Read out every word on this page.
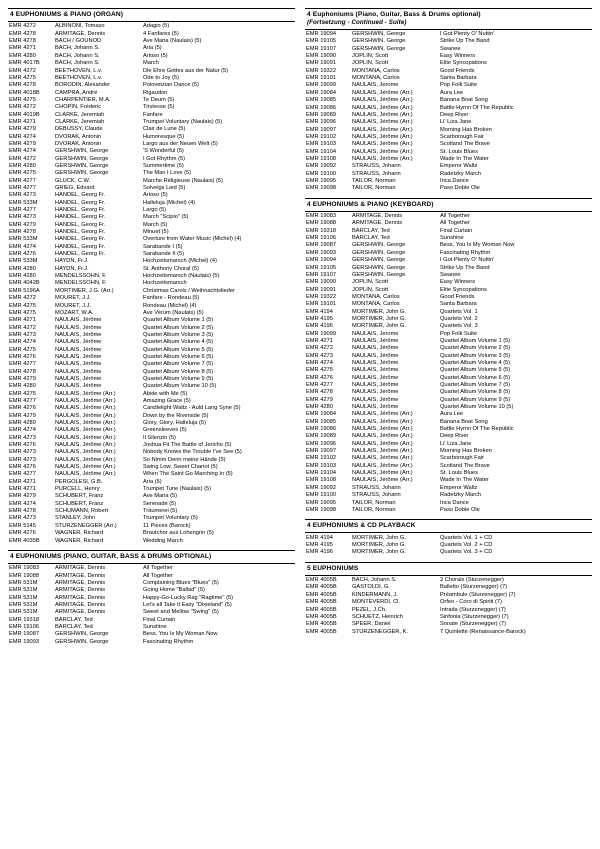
4 EUPHONIUMS & PIANO (ORGAN)
EMR 4272	ALBINONI, Tomaso	Adagio (5)
EMR 4278	ARMITAGE, Dennis	4 Fanfares (5)
EMR 4278	BACH / GOUNOD	Ave Maria (Naulais) (5)
EMR 4271	BACH, Johann S.	Aria (5)
EMR 4280	BACH, Johann S.	Arioso (5)
EMR 4017B	BACH, Johann S.	March
EMR 4272	BEETHOVEN, L.v.	Die Ehre Gottes aus der Natur (5)
EMR 4275	BEETHOVEN, L.v.	Ode to Joy (5)
EMR 4278	BORODIN, Alexander	Polovetzian Dance (5)
EMR 4018B	CAMPRA, André	Rigaudon
EMR 4275	CHARPENTIER, M.A.	Te Deum (5)
EMR 4272	CHOPIN, Fréderic	Tristesse (5)
EMR 4019B	CLARKE, Jeremiah	Fanfare
EMR 4271	CLARKE, Jeremiah	Trumpet Voluntary (Naulais) (5)
EMR 4279	DEBUSSY, Claude	Clair de Lune (5)
EMR 4274	DVORAK, Antonin	Humoresque (5)
EMR 4279	DVORAK, Antonin	Largo aus der Neuen Welt (5)
EMR 4274	GERSHWIN, George	'S Wonderful (5)
EMR 4272	GERSHWIN, George	I Got Rhythm (5)
EMR 4280	GERSHWIN, George	Summertime (5)
EMR 4275	GERSHWIN, George	The Man I Love (5)
EMR 4277	GLUCK, C.W.	Marche Réligieuse (Naulais) (5)
EMR 4277	GRIEG, Edvard	Solveigs Lied (5)
EMR 4273	HÄNDEL, Georg Fr.	Arioso (5)
EMR 533M	HÄNDEL, Georg Fr.	Halleluja (Michel) (4)
EMR 4277	HÄNDEL, Georg Fr.	Largo (5)
EMR 4273	HÄNDEL, Georg Fr.	March "Scipio" (5)
EMR 4279	HÄNDEL, Georg Fr.	March (5)
EMR 4278	HÄNDEL, Georg Fr.	Minuet (5)
EMR 533M	HÄNDEL, Georg Fr.	Overture from Water Music (Michel) (4)
EMR 4274	HÄNDEL, Georg Fr.	Sarabande I (5)
EMR 4276	HÄNDEL, Georg Fr.	Sarabande II (5)
EMR 533M	HAYDN, Fr.J.	Hochzeitsmarsch (Michel) (4)
EMR 4280	HAYDN, Fr.J.	St. Anthony Choral (5)
EMR 4280	MENDELSSOHN, F.	Hochzeitsmarsch (Naulais) (5)
EMR 4042B	MENDELSSOHN, F.	Hochzeitsmarsch
EMR 5196A	MORTIMER, J.G. (Arr.)	Christmas Carols / Weihnachtslieder
EMR 4272	MOURET, J.J.	Fanfare - Rondeau (5)
EMR 4275	MOURET, J.J.	Rondeau (Michel) (4)
EMR 4275	MOZART, W.A.	Ave Verum (Naulais) (5)
EMR 4271	NAULAIS, Jérôme	Quartet Album Volume 1 (5)
EMR 4272	NAULAIS, Jérôme	Quartet Album Volume 2 (5)
EMR 4273	NAULAIS, Jérôme	Quartet Album Volume 3 (5)
EMR 4274	NAULAIS, Jérôme	Quartet Album Volume 4 (5)
EMR 4275	NAULAIS, Jérôme	Quartet Album Volume 5 (5)
EMR 4276	NAULAIS, Jérôme	Quartet Album Volume 6 (5)
EMR 4277	NAULAIS, Jérôme	Quartet Album Volume 7 (5)
EMR 4278	NAULAIS, Jérôme	Quartet Album Volume 8 (5)
EMR 4279	NAULAIS, Jérôme	Quartet Album Volume 9 (5)
EMR 4280	NAULAIS, Jérôme	Quartet Album Volume 10 (5)
EMR 4275	NAULAIS, Jérôme (Arr.)	Abide with Me (5)
EMR 4277	NAULAIS, Jérôme (Arr.)	Amazing Grace (5)
EMR 4276	NAULAIS, Jérôme (Arr.)	Candlelight Waltz - Auld Lang Syne (5)
EMR 4279	NAULAIS, Jérôme (Arr.)	Down by the Riverside (5)
EMR 4280	NAULAIS, Jérôme (Arr.)	Glory, Glory, Halleluja (5)
EMR 4274	NAULAIS, Jérôme (Arr.)	Greensleeves (5)
EMR 4273	NAULAIS, Jérôme (Arr.)	Il Silenzio (5)
EMR 4276	NAULAIS, Jérôme (Arr.)	Joshua Fit The Battle of Jericho (5)
EMR 4273	NAULAIS, Jérôme (Arr.)	Nobody Knows the Trouble I've See (5)
EMR 4273	NAULAIS, Jérôme (Arr.)	So Nimm Denn meine Hände (5)
EMR 4276	NAULAIS, Jérôme (Arr.)	Swing Low, Sweet Chariot (5)
EMR 4277	NAULAIS, Jérôme (Arr.)	When The Saint Go Marching In (5)
EMR 4271	PERGOLESI, G.B.	Aria (5)
EMR 4271	PURCELL, Henry	Trumpet Tune (Naulais) (5)
EMR 4279	SCHUBERT, Franz	Ave Maria (5)
EMR 4274	SCHUBERT, Franz	Serenade (5)
EMR 4278	SCHUMANN, Robert	Träumerei (5)
EMR 4273	STANLEY, John	Trumpet Voluntary (5)
EMR 5145	STURZENEGGER (Arr.)	11 Pieces (Barock)
EMR 4276	WAGNER, Richard	Brautchor aus Lohengrin (5)
EMR 4035B	WAGNER, Richard	Wedding March
4 EUPHONIUMS (PIANO, GUITAR, BASS & DRUMS OPTIONAL)
EMR 19083	ARMITAGE, Dennis	All Together
EMR 19088	ARMITAGE, Dennis	All Together
EMR 531M	ARMITAGE, Dennis	Complaining Blues "Blues" (5)
EMR 531M	ARMITAGE, Dennis	Going Home "Ballad" (5)
EMR 531M	ARMITAGE, Dennis	Happy-Go-Lucky Rag "Ragtime" (5)
EMR 531M	ARMITAGE, Dennis	Let's all Take it Easy "Dixieland" (5)
EMR 531M	ARMITAGE, Dennis	Sweet and Mellow "Swing" (5)
EMR 19318	BARCLAY, Ted	Final Curtain
EMR 19106	BARCLAY, Ted	Sunshine
EMR 19087	GERSHWIN, George	Bess, You Is My Woman Now
EMR 19093	GERSHWIN, George	Fascinating Rhythm
4 Euphoniums (Piano, Guitar, Bass & Drums optional)
(Fortsetzung - Continued - Suite)
EMR 19094	GERSHWIN, George	I Got Plenty O' Nuttin'
EMR 19105	GERSHWIN, George	Strike Up The Band
EMR 19107	GERSHWIN, George	Swanee
EMR 19090	JOPLIN, Scott	Easy Winners
EMR 19091	JOPLIN, Scott	Elite Syncopations
EMR 19322	MONTANA, Carlos	Good Friends
EMR 19101	MONTANA, Carlos	Santa Barbara
EMR 19099	NAULAIS, Jerome	Pop Folk Suite
EMR 19084	NAULAIS, Jérôme (Arr.)	Aura Lee
EMR 19085	NAULAIS, Jérôme (Arr.)	Banana Boat Song
EMR 19086	NAULAIS, Jérôme (Arr.)	Battle Hymn Of The Republic
EMR 19089	NAULAIS, Jérôme (Arr.)	Deep River
EMR 19096	NAULAIS, Jérôme (Arr.)	Li' Liza Jane
EMR 19097	NAULAIS, Jérôme (Arr.)	Morning Has Broken
EMR 19102	NAULAIS, Jérôme (Arr.)	Scarborough Fair
EMR 19103	NAULAIS, Jérôme (Arr.)	Scotland The Brave
EMR 19104	NAULAIS, Jérôme (Arr.)	St. Louis Blues
EMR 19108	NAULAIS, Jérôme (Arr.)	Wade In The Water
EMR 19092	STRAUSS, Johann	Emperor Waltz
EMR 19100	STRAUSS, Johann	Radetzky March
EMR 19095	TAILOR, Norman	Inca Dance
EMR 19098	TAILOR, Norman	Paso Doble Ole
4 EUPHONIUMS & PIANO (KEYBOARD)
EMR 19083	ARMITAGE, Dennis	All Together
EMR 19088	ARMITAGE, Dennis	All Together
EMR 19318	BARCLAY, Ted	Final Curtain
EMR 19106	BARCLAY, Ted	Sunshine
EMR 19087	GERSHWIN, George	Bess, You Is My Woman Now
EMR 19093	GERSHWIN, George	Fascinating Rhythm
EMR 19094	GERSHWIN, George	I Got Plenty O' Nuttin'
EMR 19105	GERSHWIN, George	Strike Up The Band
EMR 19107	GERSHWIN, George	Swanee
EMR 19090	JOPLIN, Scott	Easy Winners
EMR 19091	JOPLIN, Scott	Elite Syncopations
EMR 19322	MONTANA, Carlos	Good Friends
EMR 19101	MONTANA, Carlos	Santa Barbara
EMR 4194	MORTIMER, John G.	Quartets Vol. 1
EMR 4195	MORTIMER, John G.	Quartets Vol. 2
EMR 4196	MORTIMER, John G.	Quartets Vol. 3
EMR 19099	NAULAIS, Jerome	Pop Folk Suite
EMR 4271	NAULAIS, Jérôme	Quartet Album Volume 1 (5)
EMR 4272	NAULAIS, Jérôme	Quartet Album Volume 2 (5)
EMR 4273	NAULAIS, Jérôme	Quartet Album Volume 3 (5)
EMR 4274	NAULAIS, Jérôme	Quartet Album Volume 4 (5)
EMR 4275	NAULAIS, Jérôme	Quartet Album Volume 5 (5)
EMR 4276	NAULAIS, Jérôme	Quartet Album Volume 6 (5)
EMR 4277	NAULAIS, Jérôme	Quartet Album Volume 7 (5)
EMR 4278	NAULAIS, Jérôme	Quartet Album Volume 8 (5)
EMR 4279	NAULAIS, Jérôme	Quartet Album Volume 9 (5)
EMR 4280	NAULAIS, Jérôme	Quartet Album Volume 10 (5)
EMR 19084	NAULAIS, Jérôme (Arr.)	Aura Lee
EMR 19085	NAULAIS, Jérôme (Arr.)	Banana Boat Song
EMR 19086	NAULAIS, Jérôme (Arr.)	Battle Hymn Of The Republic
EMR 19089	NAULAIS, Jérôme (Arr.)	Deep River
EMR 19096	NAULAIS, Jérôme (Arr.)	Li' Liza Jane
EMR 19097	NAULAIS, Jérôme (Arr.)	Morning Has Broken
EMR 19102	NAULAIS, Jérôme (Arr.)	Scarborough Fair
EMR 19103	NAULAIS, Jérôme (Arr.)	Scotland The Brave
EMR 19104	NAULAIS, Jérôme (Arr.)	St. Louis Blues
EMR 19108	NAULAIS, Jérôme (Arr.)	Wade In The Water
EMR 19092	STRAUSS, Johann	Emperor Waltz
EMR 19100	STRAUSS, Johann	Radetzky March
EMR 19095	TAILOR, Norman	Inca Dance
EMR 19098	TAILOR, Norman	Paso Doble Ole
4 EUPHONIUMS & CD PLAYBACK
EMR 4194	MORTIMER, John G.	Quartets Vol. 1 + CD
EMR 4195	MORTIMER, John G.	Quartets Vol. 2 + CD
EMR 4196	MORTIMER, John G.	Quartets Vol. 3 + CD
5 EUPHONIUMS
EMR 4005B	BACH, Johann S.	2 Chorals (Sturzenegger)
EMR 4005B	GASTOLDI, G.	Balletto (Sturzenegger) (7)
EMR 4005B	KINDERMANN, J.	Préambule (Sturzenegger) (7)
EMR 4005B	MONTEVERDI, Cl.	Orfeo - Coro di Spiriti (7)
EMR 4005B	PEZEL, J.Ch.	Intrada (Sturzenegger) (7)
EMR 4005B	SCHUETZ, Heinrich	Sinfonia (Sturzenegger) (7)
EMR 4005B	SPEER, Daniel	Sonate (Sturzenegger) (7)
EMR 4005B	STURZENEGGER, K.	7 Quintette (Renaissance-Barock)
